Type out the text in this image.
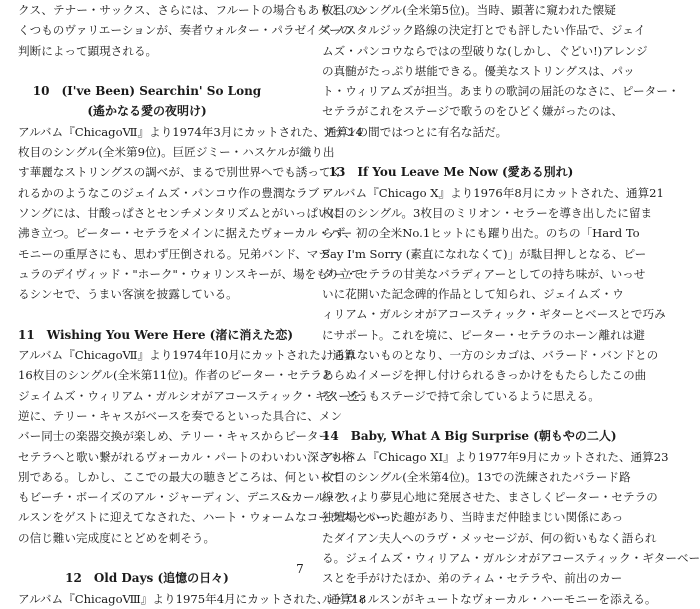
クス、テナー・サックス、さらには、フルートの場合もありと、い
くつものヴァリエーションが、奏者ウォルター・パラゼイダーの
判断によって顕現される。
10　(I've Been) Searchin' So Long
(遙かなる愛の夜明け)
アルバム『ChicagoⅦ』より1974年3月にカットされた、通算14
枚目のシングル(全米第9位)。巨匠ジミー・ハスケルが織り出
す華麗なストリングスの調べが、まるで別世界へでも誘ってく
れるかのようなこのジェイムズ・パンコウ作の豊潤なラブ・
ソングには、甘酸っぱさとセンチメンタリズムとがいっぱいに
沸き立つ。ピーター・セテラをメインに据えたヴォーカル・ハー
モニーの重厚さにも、思わず圧倒される。兄弟バンド、マデ
ュラのデイヴィッド・"ホーク"・ウォリンスキーが、場をもり立て
るシンセで、うまい客演を披露している。
11　Wishing You Were Here (渚に消えた恋)
アルバム『ChicagoⅦ』より1974年10月にカットされた、通算
16枚目のシングル(全米第11位)。作者のピーター・セテラと
ジェイムズ・ウィリアム・ガルシオがアコースティック・ギターを、
逆に、テリー・キャスがベースを奏でるといった具合に、メン
バー同士の楽器交換が楽しめ、テリー・キャスからピーター・
セテラへと歌い繋がれるヴォーカル・パートのわいわい深さも格
別である。しかし、ここでの最大の聴きどころは、何といって
もビーチ・ボーイズのアル・ジャーディン、デニス&カール・ウィ
ルスンをゲストに迎えてなされた、ハート・ウォームなコーラス・パート
の信じ難い完成度にとどめを刺そう。
12　Old Days (追憶の日々)
アルバム『ChicagoⅧ』より1975年4月にカットされた、通算18
枚目のシングル(全米第5位)。当時、顕著に窺われた懐疑
くノスタルジック路線の決定打とでも評したい作品で、ジェイ
ムズ・パンコウならではの型破りな(しかし、ぐどい!)アレンジ
の真髄がたっぷり堪能できる。優美なストリングスは、パッ
ト・ウィリアムズが担当。あまりの歌詞の届託のなさに、ピーター・
セテラがこれをステージで歌うのをひどく嫌がったのは、
ファンの間ではつとに有名な話だ。
13　If You Leave Me Now (愛ある別れ)
アルバム『Chicago X』より1976年8月にカットされた、通算21
枚目のシングル。3枚目のミリオン・セラーを導き出したに留ま
らず、初の全米No.1ヒットにも躍り出た。のちの「Hard To
Say I'm Sorry (素直になれなくて)」が駄目押しとなる、ピー
ター・セテラの甘美なバラディアーとしての持ち味が、いっせ
いに花開いた記念碑的作品として知られ、ジェイムズ・ウ
ィリアム・ガルシオがアコースティック・ギターとベースとで巧み
にサポート。これを境に、ピーター・セテラのホーン離れは避
けられないものとなり、一方のシカゴは、バラード・バンドとの
あらぬイメージを押し付けられるきっかけをもたらしたこの曲
を、どうもステージで持て余しているように思える。
14　Baby, What A Big Surprise (朝もやの二人)
アルバム『Chicago XI』より1977年9月にカットされた、通算23
枚目のシングル(全米第4位)。13での洗練されたバラード路
線を、より夢見心地に発展させた、まさしくピーター・セテラの
独壇場といった趣があり、当時まだ仲睦まじい関係にあっ
たダイアン夫人へのラヴ・メッセージが、何の衒いもなく語られ
る。ジェイムズ・ウィリアム・ガルシオがアコースティック・ギターベー
スとを手がけたほか、弟のティム・セテラや、前出のカー
ル・ウィルスンがキュートなヴォーカル・ハーモニーを添える。
7
